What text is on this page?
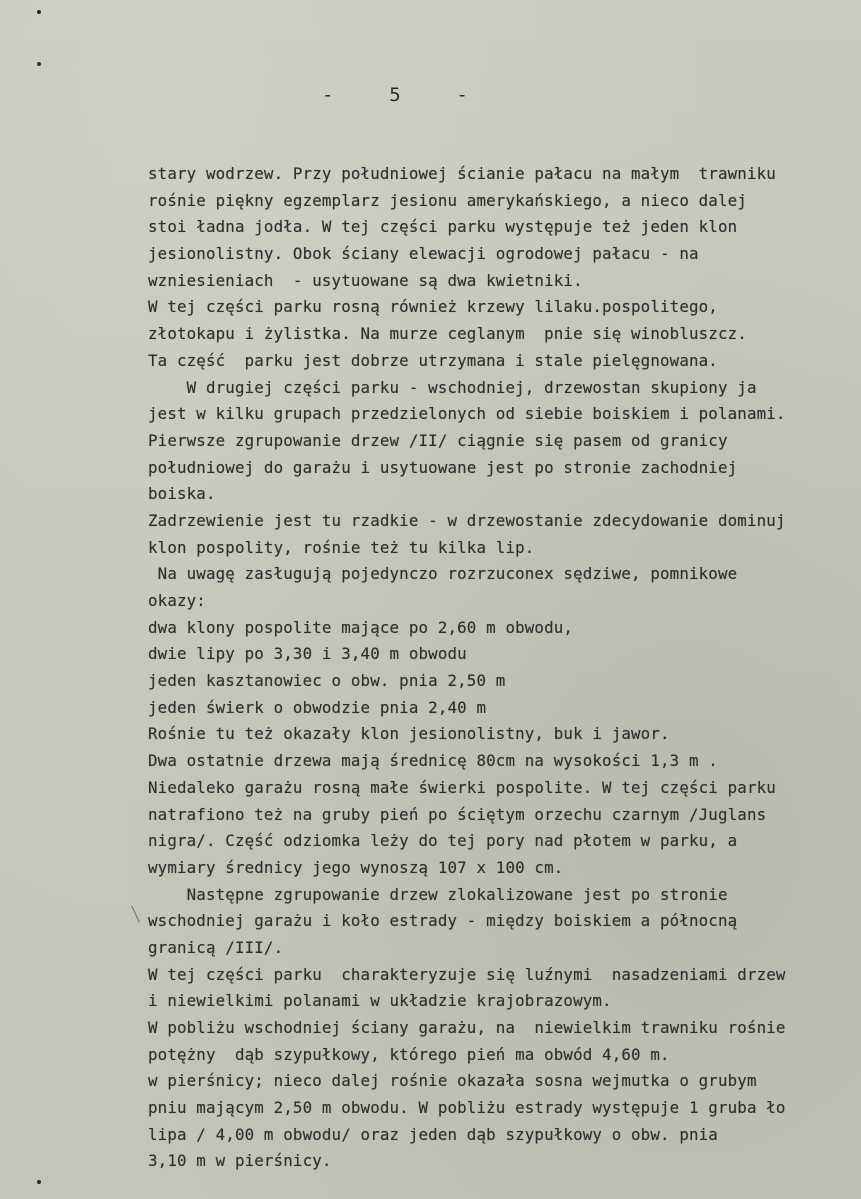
-    5    -
stary wodrzew. Przy południowej ścianie pałacu na małym  trawniku
rośnie piękny egzemplarz jesionu amerykańskiego, a nieco dalej
stoi ładna jodła. W tej części parku występuje też jeden klon
jesionolistny. Obok ściany elewacji ogrodowej pałacu - na
wzniesieniach  - usytuowane są dwa kwietniki.
W tej części parku rosną również krzewy lilaku.pospolitego,
złotokapu i żylistka. Na murze ceglanym  pnie się winobluszcz.
Ta część  parku jest dobrze utrzymana i stale pielęgnowana.
W drugiej części parku - wschodniej, drzewostan skupiony ja
jest w kilku grupach przedzielonych od siebie boiskiem i polanami.
Pierwsze zgrupowanie drzew /II/ ciągnie się pasem od granicy
południowej do garażu i usytuowane jest po stronie zachodniej
boiska.
Zadrzewienie jest tu rzadkie - w drzewostanie zdecydowanie dominuj
klon pospolity, rośnie też tu kilka lip.
Na uwagę zasługują pojedynczo rozrzuconex sędziwe, pomnikowe
okazy:
dwa klony pospolite mające po 2,60 m obwodu,
dwie lipy po 3,30 i 3,40 m obwodu
jeden kasztanowiec o obw. pnia 2,50 m
jeden świerk o obwodzie pnia 2,40 m
Rośnie tu też okazały klon jesionolistny, buk i jawor.
Dwa ostatnie drzewa mają średnicę 80cm na wysokości 1,3 m .
Niedaleko garażu rosną małe świerki pospolite. W tej części parku
natrafiono też na gruby pień po ściętym orzechu czarnym /Juglans
nigra/. Część odziomka leży do tej pory nad płotem w parku, a
wymiary średnicy jego wynoszą 107 x 100 cm.
Następne zgrupowanie drzew zlokalizowane jest po stronie
wschodniej garażu i koło estrady - między boiskiem a północną
granicą /III/.
W tej części parku  charakteryzuje się luźnymi  nasadzeniami drzew
i niewielkimi polanami w układzie krajobrazowym.
W pobliżu wschodniej ściany garażu, na  niewielkim trawniku rośnie
potężny  dąb szypułkowy, którego pień ma obwód 4,60 m.
w pierśnicy; nieco dalej rośnie okazała sosna wejmutka o grubym
pniu mającym 2,50 m obwodu. W pobliżu estrady występuje 1 gruba ło
lipa / 4,00 m obwodu/ oraz jeden dąb szypułkowy o obw. pnia
3,10 m w pierśnicy.
